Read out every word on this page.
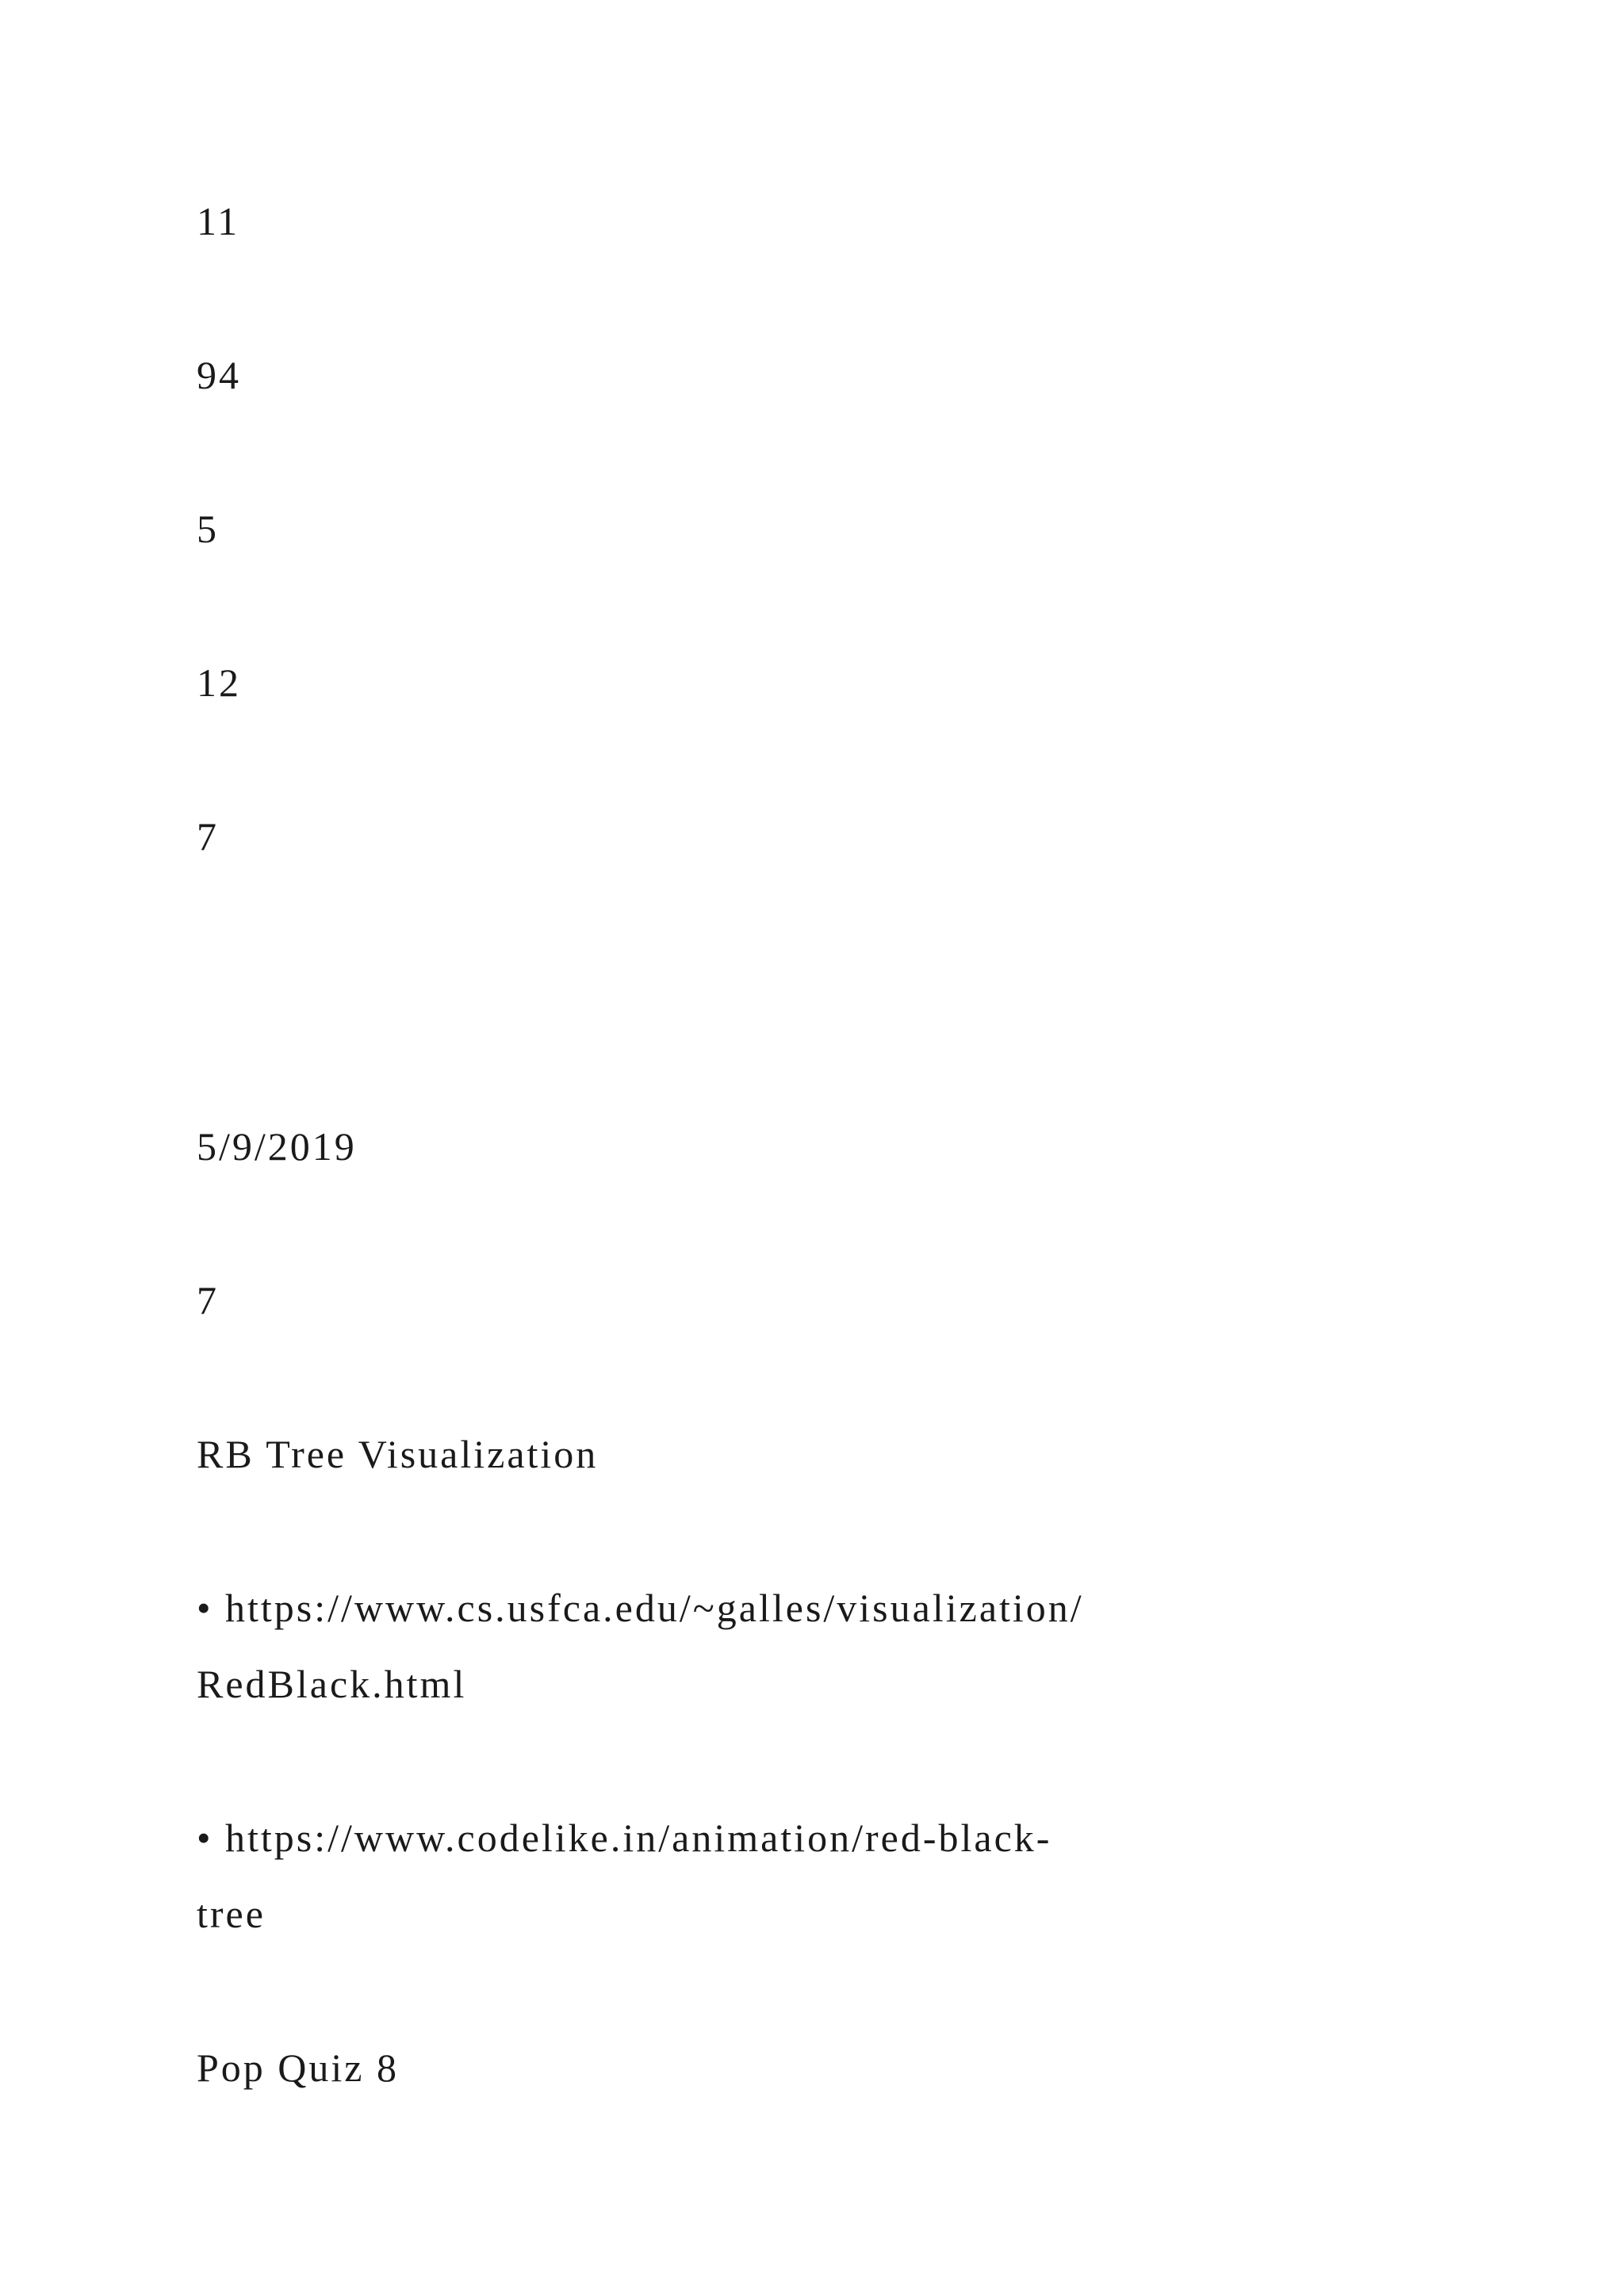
11

94

5

12

7

5/9/2019

7

RB Tree Visualization

• https://www.cs.usfca.edu/~galles/visualization/
RedBlack.html
• https://www.codelike.in/animation/red-black-
tree

Pop Quiz 8
